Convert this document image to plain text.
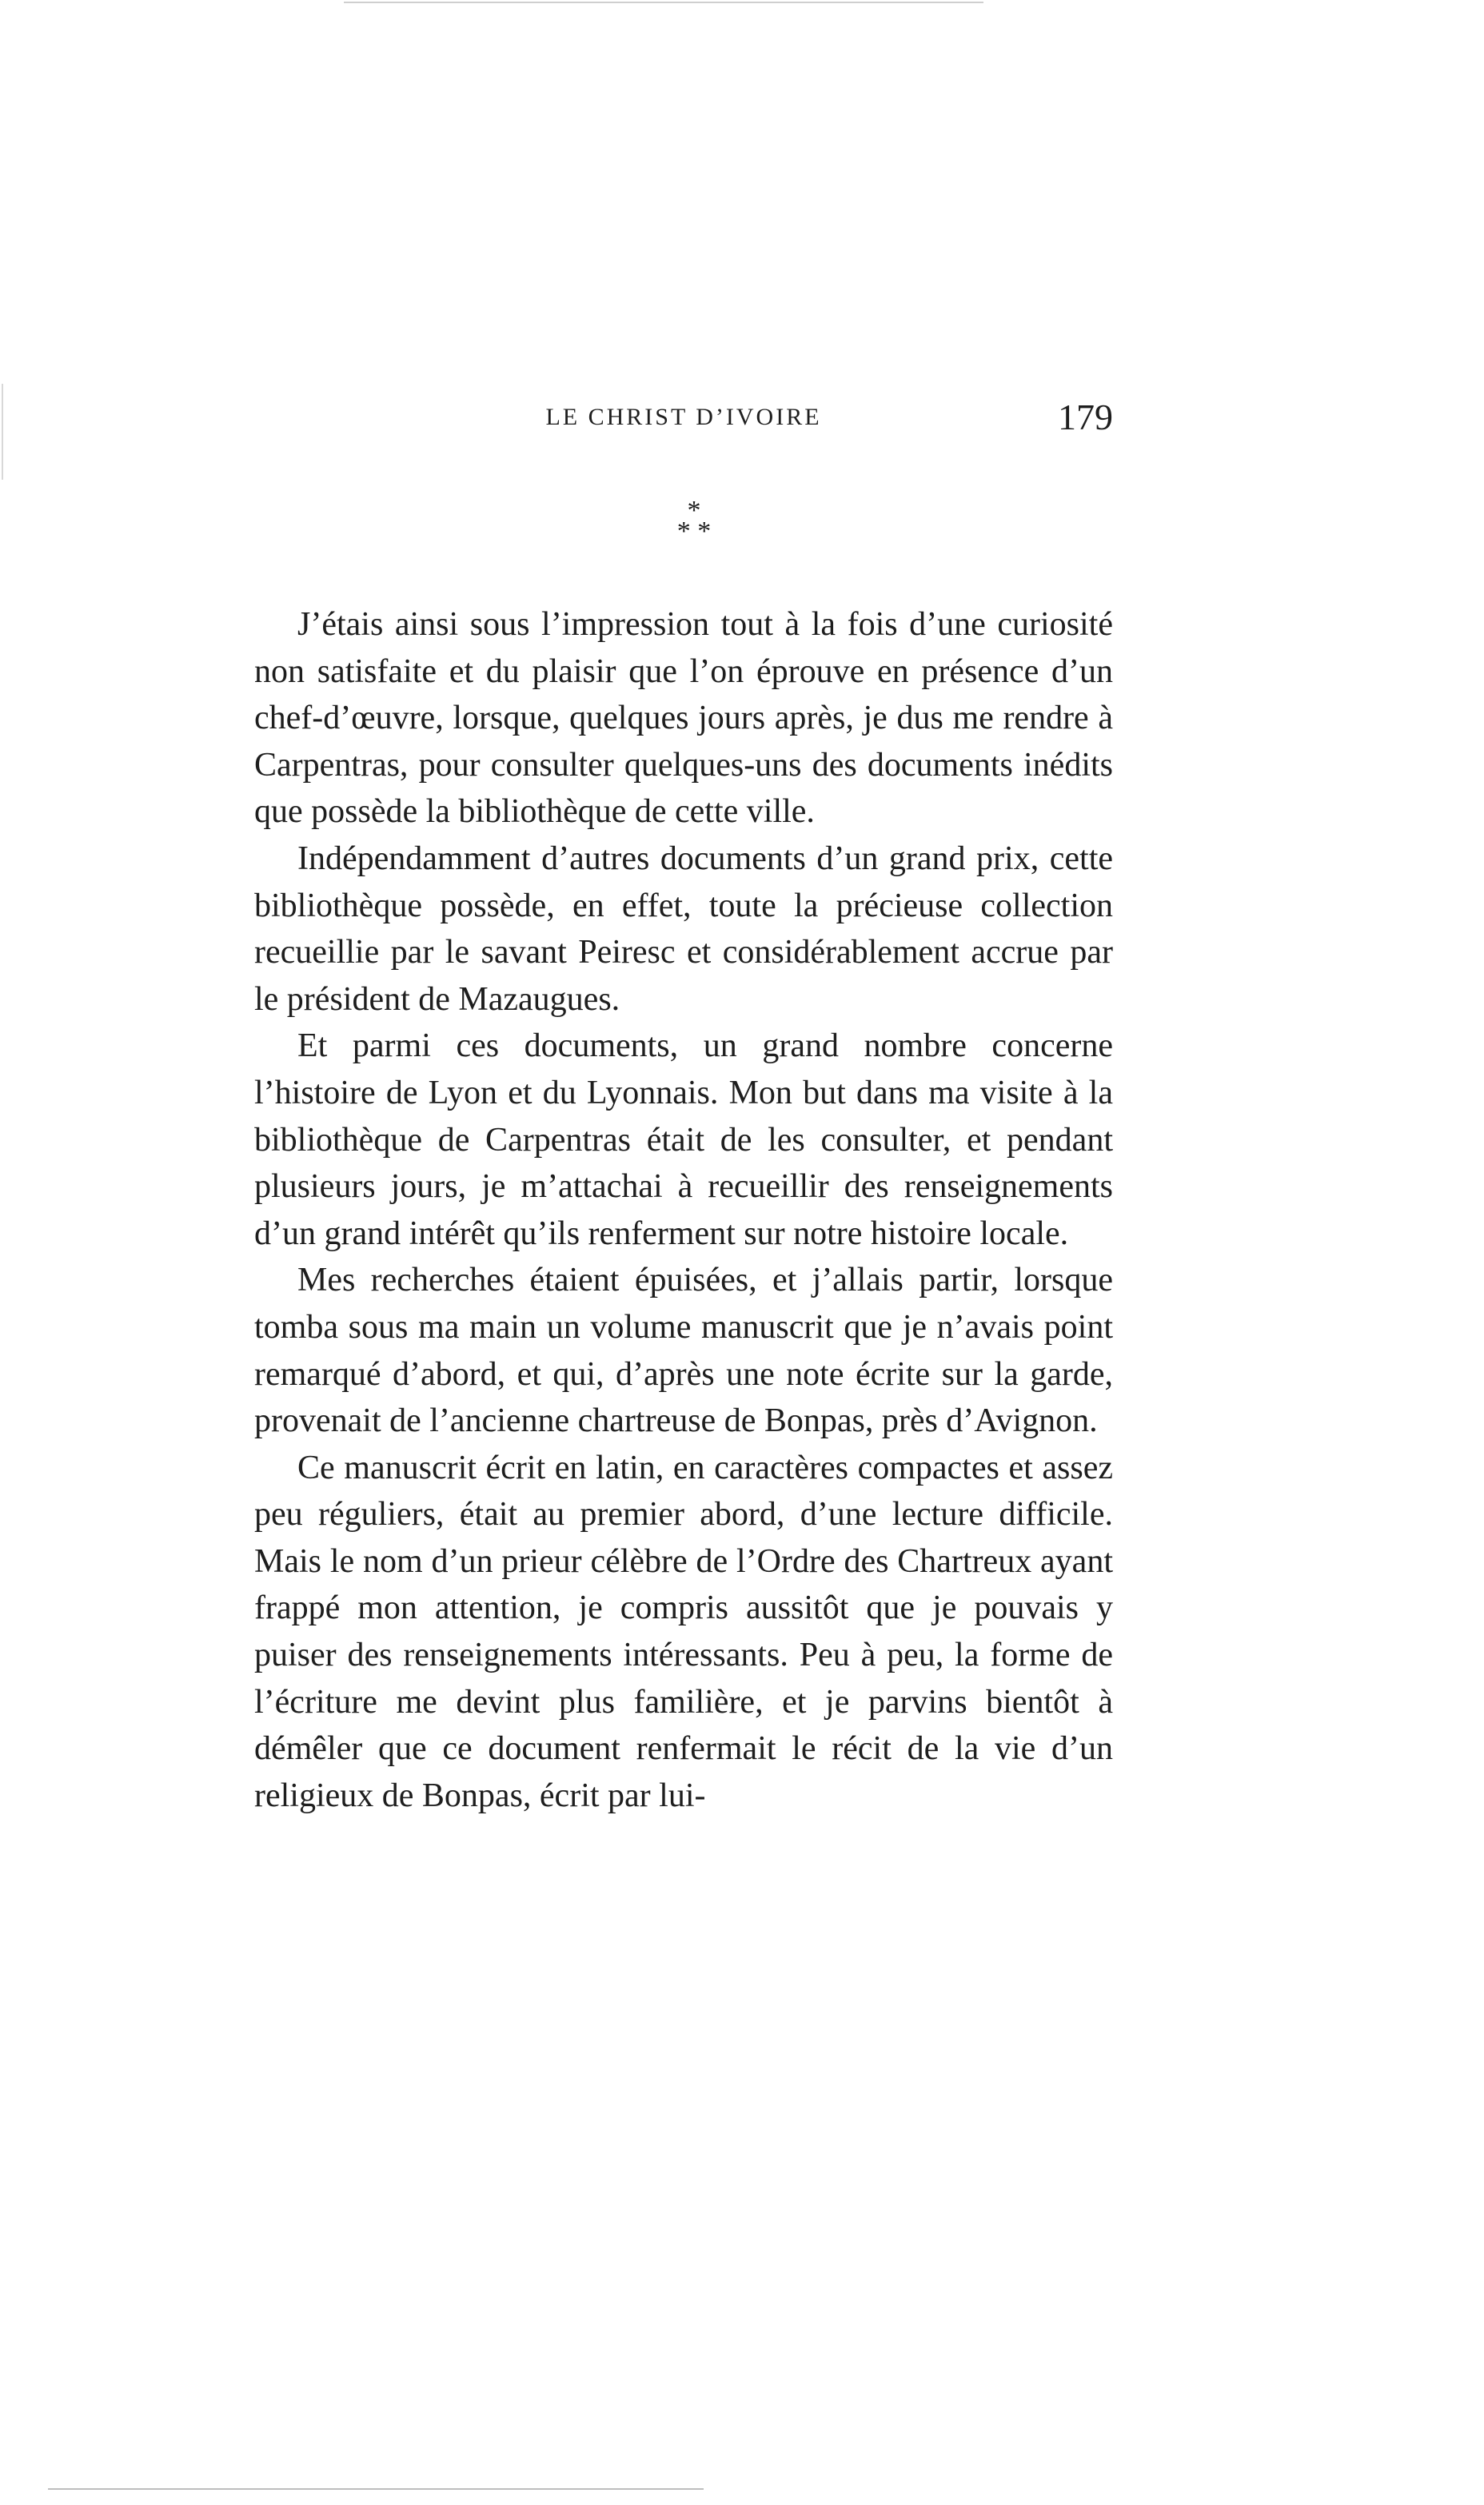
LE CHRIST D’IVOIRE	179
*
* *

J’étais ainsi sous l’impression tout à la fois d’une curiosité non satisfaite et du plaisir que l’on éprouve en présence d’un chef-d’œuvre, lorsque, quelques jours après, je dus me rendre à Carpentras, pour consulter quelques-uns des documents inédits que possède la bibliothèque de cette ville.

Indépendamment d’autres documents d’un grand prix, cette bibliothèque possède, en effet, toute la précieuse collection recueillie par le savant Peiresc et considérablement accrue par le président de Mazaugues.

Et parmi ces documents, un grand nombre concerne l’histoire de Lyon et du Lyonnais. Mon but dans ma visite à la bibliothèque de Carpentras était de les consulter, et pendant plusieurs jours, je m’attachai à recueillir des renseignements d’un grand intérêt qu’ils renferment sur notre histoire locale.

Mes recherches étaient épuisées, et j’allais partir, lorsque tomba sous ma main un volume manuscrit que je n’avais point remarqué d’abord, et qui, d’après une note écrite sur la garde, provenait de l’ancienne chartreuse de Bonpas, près d’Avignon.

Ce manuscrit écrit en latin, en caractères compactes et assez peu réguliers, était au premier abord, d’une lecture difficile. Mais le nom d’un prieur célèbre de l’Ordre des Chartreux ayant frappé mon attention, je compris aussitôt que je pouvais y puiser des renseignements intéressants. Peu à peu, la forme de l’écriture me devint plus familière, et je parvins bientôt à démêler que ce document renfermait le récit de la vie d’un religieux de Bonpas, écrit par lui-
